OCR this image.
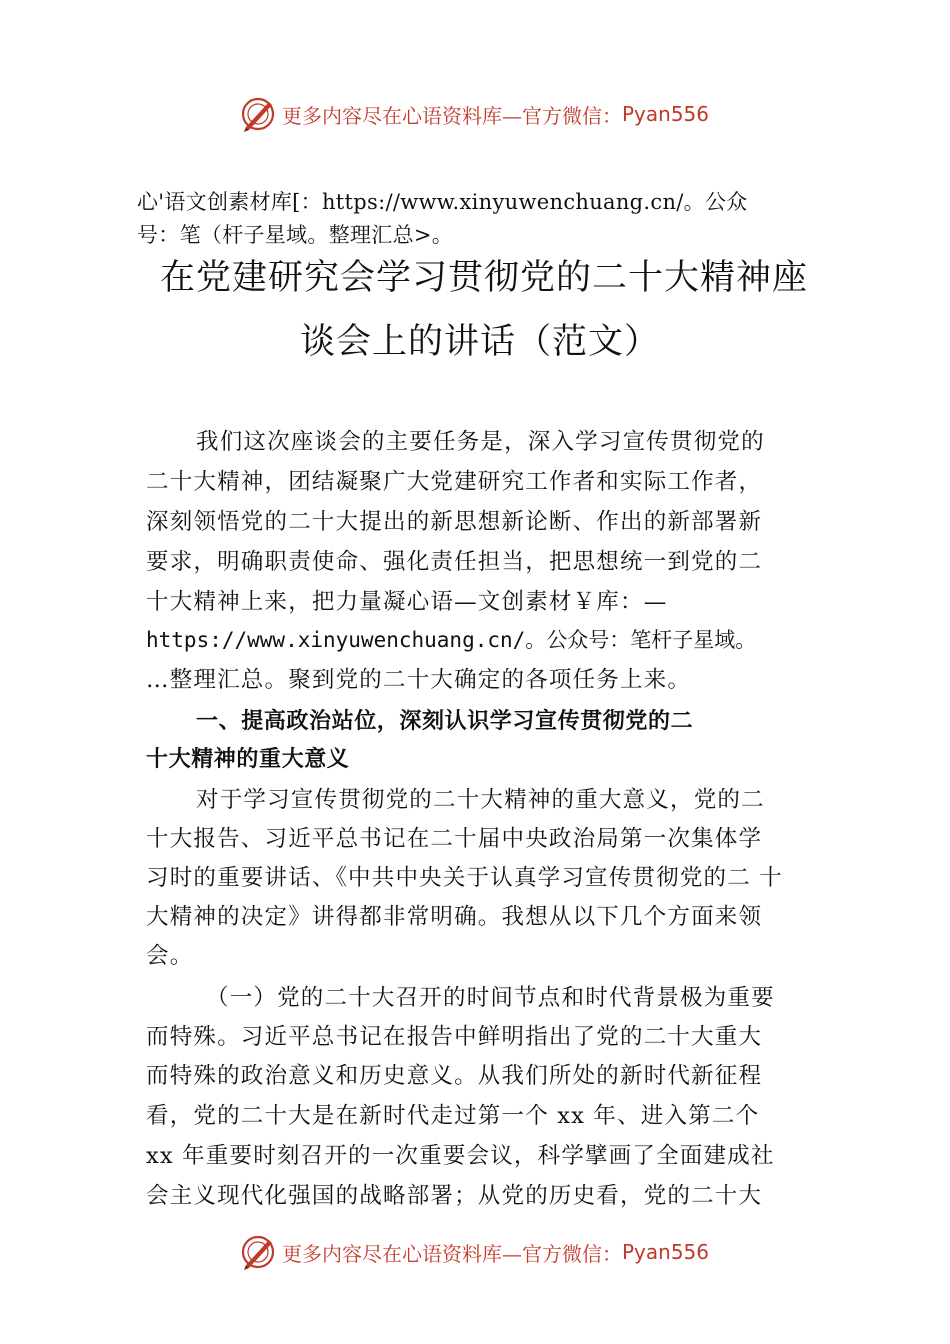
更多内容尽在心语资料库—官方微信： Pyan556
心'语文创素材库[：https://www.xinyuwenchuang.cn/。公众
号：笔（杆子星域。整理汇总>。
在党建研究会学习贯彻党的二十大精神座
谈会上的讲话（范文）
我们这次座谈会的主要任务是，深入学习宣传贯彻党的
二十大精神，团结凝聚广大党建研究工作者和实际工作者，
深刻领悟党的二十大提出的新思想新论断、作出的新部署新
要求，明确职责使命、强化责任担当，把思想统一到党的二
十大精神上来，把力量凝心语—文创素材￥库：—
https://www.xinyuwenchuang.cn/。公众号：笔杆子星域。
…整理汇总。聚到党的二十大确定的各项任务上来。
一、提高政治站位，深刻认识学习宣传贯彻党的二
十大精神的重大意义
对于学习宣传贯彻党的二十大精神的重大意义，党的二
十大报告、习近平总书记在二十届中央政治局第一次集体学
习时的重要讲话、《中共中央关于认真学习宣传贯彻党的二 十
大精神的决定》讲得都非常明确。我想从以下几个方面来领
会。
（一）党的二十大召开的时间节点和时代背景极为重要
而特殊。习近平总书记在报告中鲜明指出了党的二十大重大
而特殊的政治意义和历史意义。从我们所处的新时代新征程
看，党的二十大是在新时代走过第一个 xx 年、进入第二个
xx 年重要时刻召开的一次重要会议，科学擘画了全面建成社
会主义现代化强国的战略部署；从党的历史看，党的二十大
更多内容尽在心语资料库—官方微信： Pyan556
